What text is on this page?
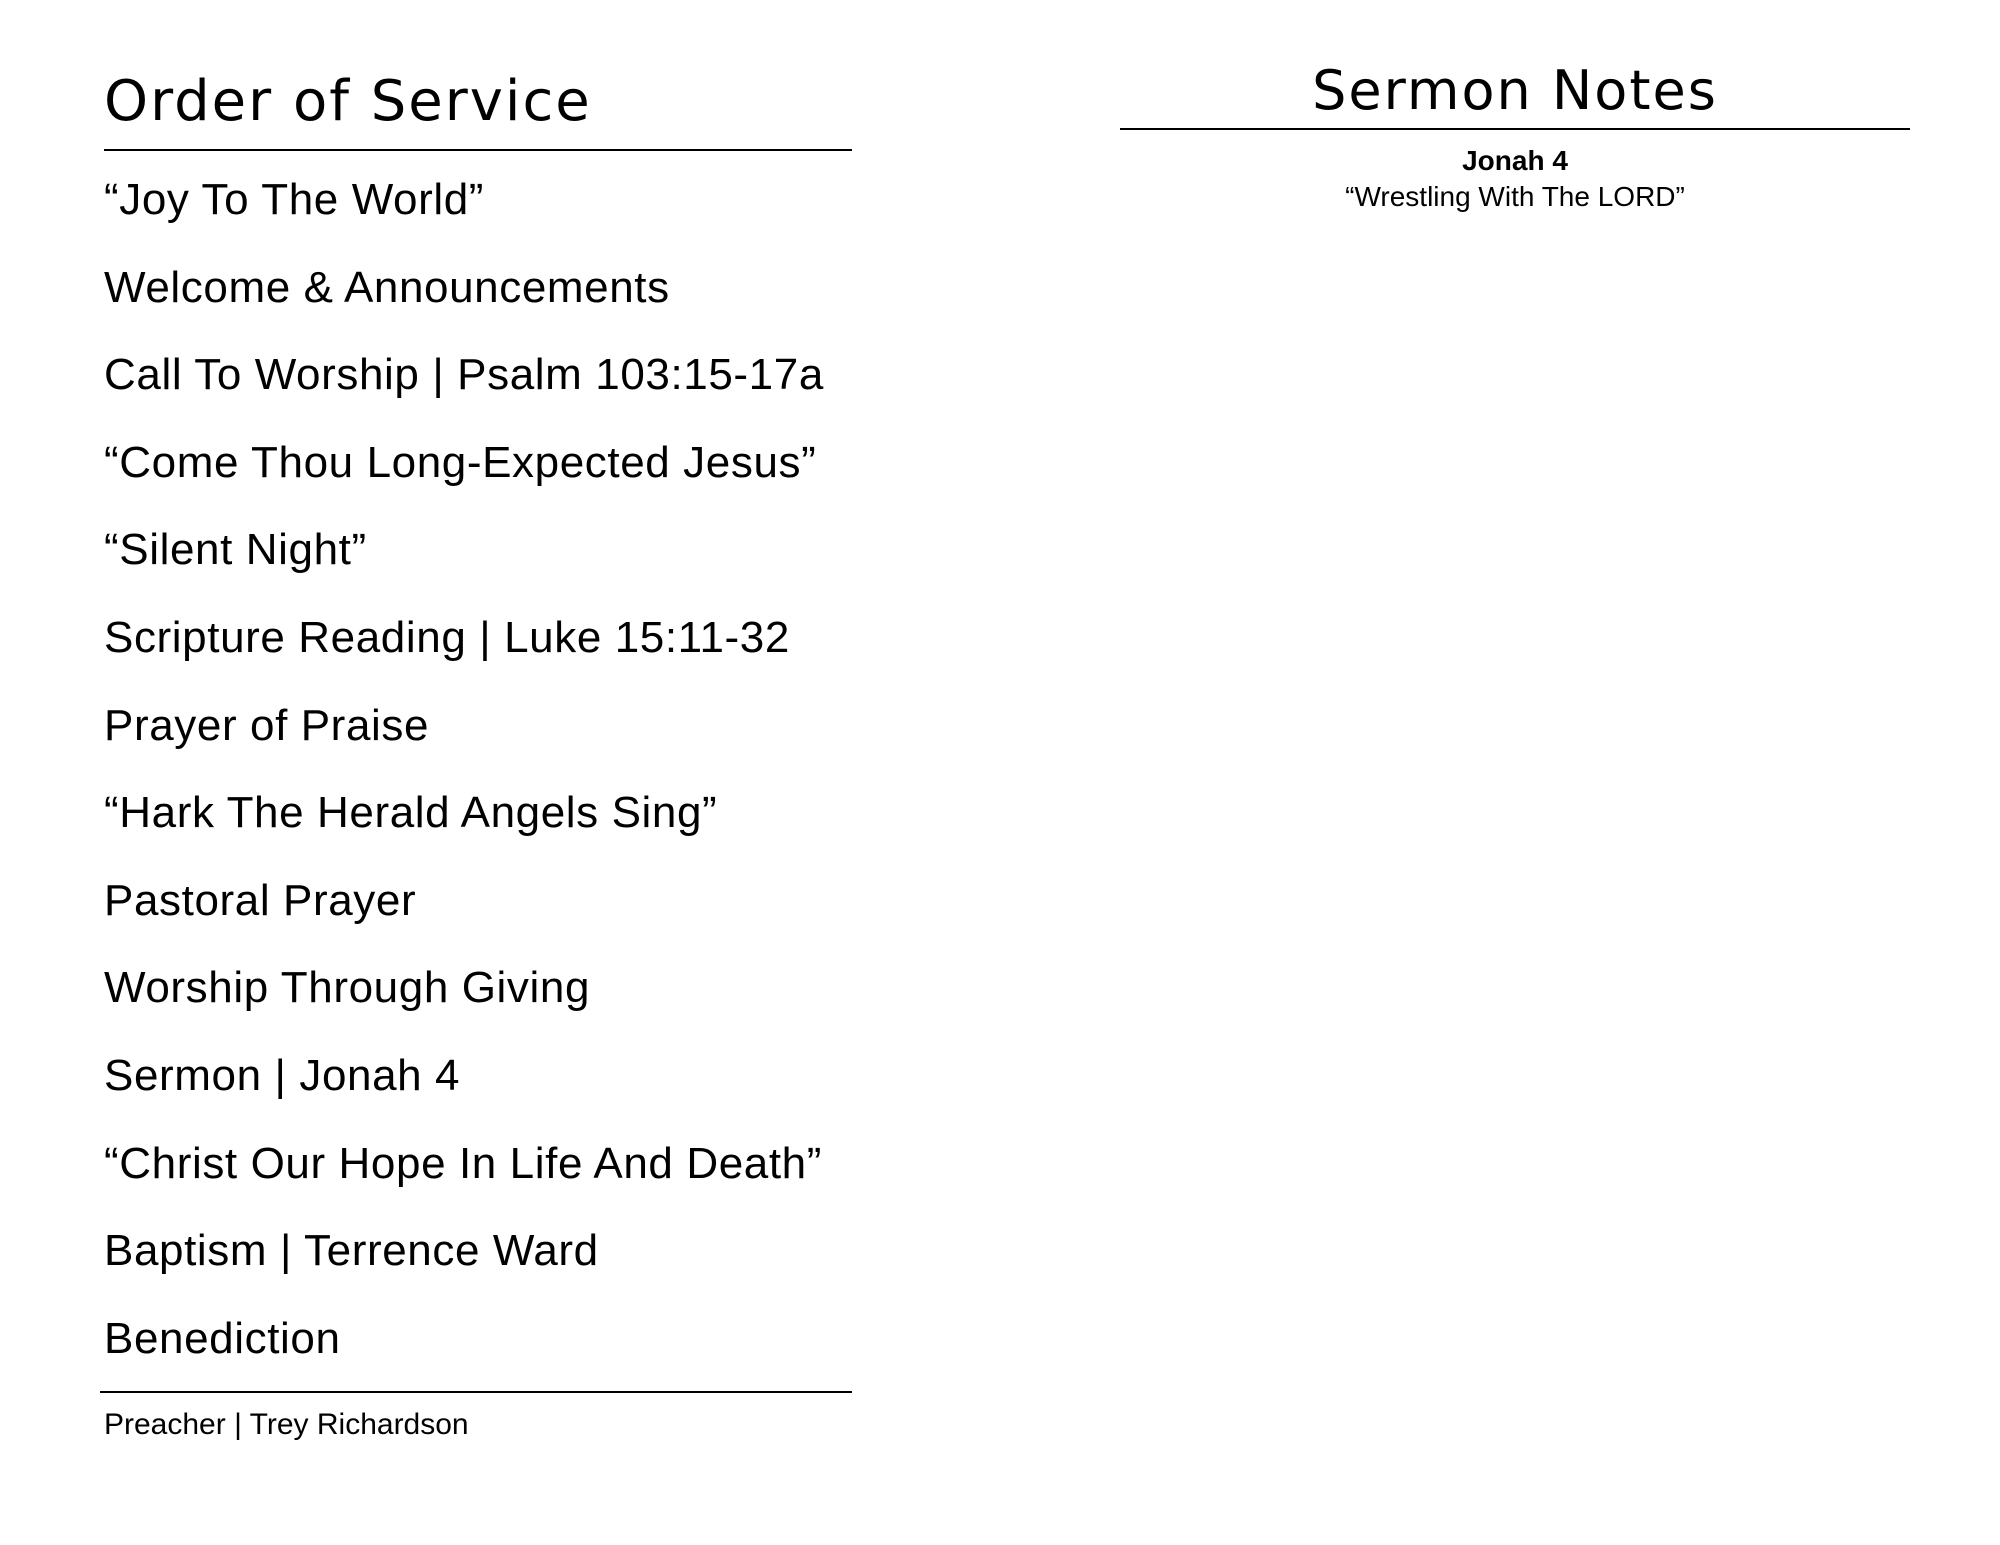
Order of Service
“Joy To The World”
Welcome & Announcements
Call To Worship | Psalm 103:15-17a
“Come Thou Long-Expected Jesus”
“Silent Night”
Scripture Reading | Luke 15:11-32
Prayer of Praise
“Hark The Herald Angels Sing”
Pastoral Prayer
Worship Through Giving
Sermon | Jonah 4
“Christ Our Hope In Life And Death”
Baptism | Terrence Ward
Benediction
Preacher | Trey Richardson
Sermon Notes
Jonah 4
“Wrestling With The LORD”
